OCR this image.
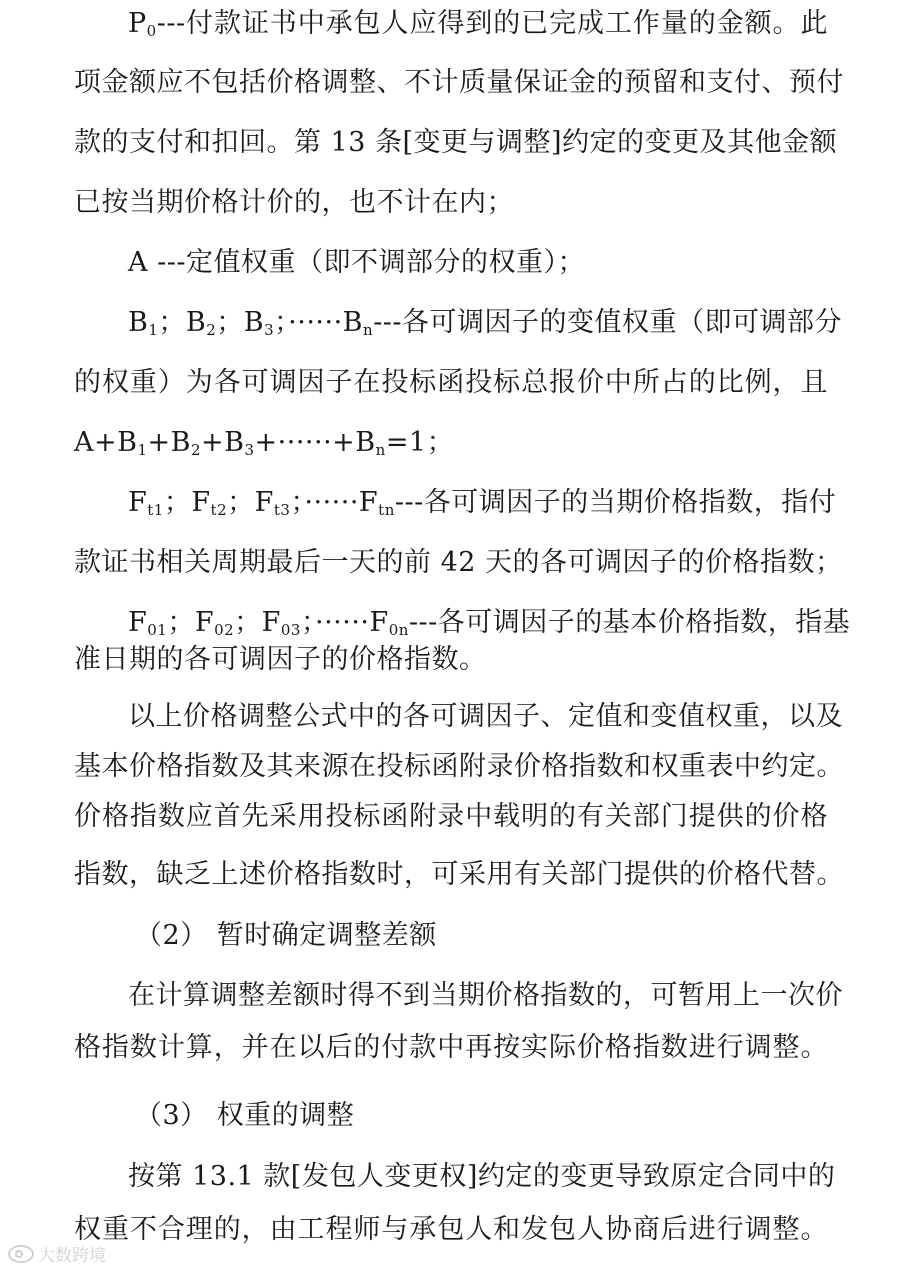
$P_0---$付款证书中承包人应得到的已完成工作量的金额。此
项金额应不包括价格调整、不计质量保证金的预留和支付、预付
款的支付和扣回。第 13 条[变更与调整]约定的变更及其他金额
已按当期价格计价的，也不计在内；
A ---定值权重（即不调部分的权重）；
$B_1$；$B_2$；$B_3$；$\cdot\cdot\cdot\cdot\cdot\cdot B_n---$各可调因子的变值权重（即可调部分
的权重）为各可调因子在投标函投标总报价中所占的比例，且
$A+B_1+B_2+B_3+\cdot\cdot\cdot\cdot\cdot\cdot+B_n=1$；
$F_{t1}$；$F_{t2}$；$F_{t3}$；$\cdot\cdot\cdot\cdot\cdot\cdot F_{tn}---$各可调因子的当期价格指数，指付
款证书相关周期最后一天的前 42 天的各可调因子的价格指数；
$F_{01}$；$F_{02}$；$F_{03}$；$\cdot\cdot\cdot\cdot\cdot\cdot F_{0n}---$各可调因子的基本价格指数，指基
准日期的各可调因子的价格指数。
以上价格调整公式中的各可调因子、定值和变值权重，以及
基本价格指数及其来源在投标函附录价格指数和权重表中约定。
价格指数应首先采用投标函附录中载明的有关部门提供的价格
指数，缺乏上述价格指数时，可采用有关部门提供的价格代替。
（2） 暂时确定调整差额
在计算调整差额时得不到当期价格指数的，可暂用上一次价
格指数计算，并在以后的付款中再按实际价格指数进行调整。
（3） 权重的调整
按第 13.1 款[发包人变更权]约定的变更导致原定合同中的
权重不合理的，由工程师与承包人和发包人协商后进行调整。
大数跨境
